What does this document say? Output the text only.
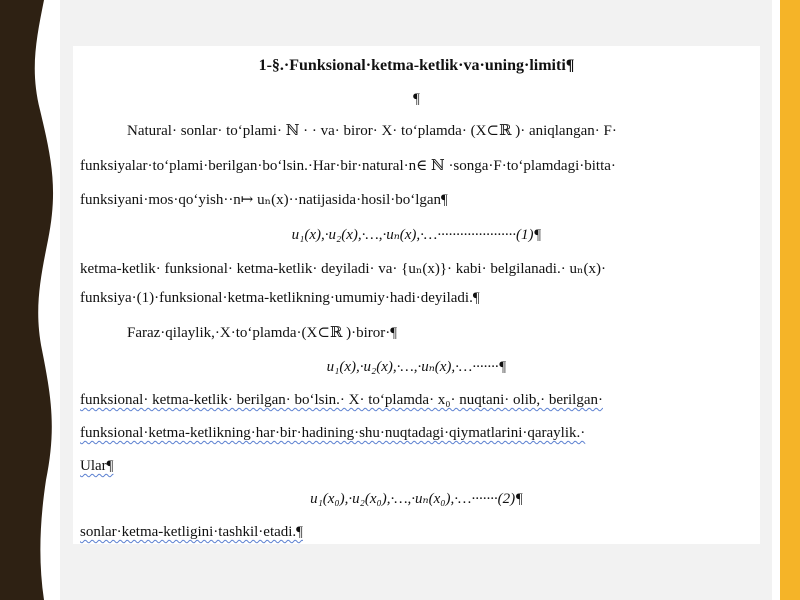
1-§.·Funksional·ketma-ketlik·va·uning·limiti¶
¶
Natural· sonlar· to‘plami· ℕ · · va· biror· X· to‘plamda· (X⊂ℝ )· aniqlangan· F·
funksiyalar·to‘plami·berilgan·bo‘lsin.·Har·bir·natural·n∈ ℕ ·songa·F·to‘plamdagi·bitta·
funksiyani·mos·qo‘yish··n↦ uₙ(x)··natijasida·hosil·bo‘lgan¶
u₁(x),·u₂(x),·…,·uₙ(x),·…·····················(1)¶
ketma-ketlik· funksional· ketma-ketlik· deyiladi· va· {uₙ(x)}· kabi· belgilanadi.· uₙ(x)·
funksiya·(1)·funksional·ketma-ketlikning·umumiy·hadi·deyiladi.¶
Faraz·qilaylik,·X·to‘plamda·(X⊂ℝ )·biror·¶
u₁(x),·u₂(x),·…,·uₙ(x),·…·······¶
funksional· ketma-ketlik· berilgan· bo‘lsin.· X· to‘plamda· x₀· nuqtani· olib,· berilgan·
funksional·ketma-ketlikning·har·bir·hadining·shu·nuqtadagi·qiymatlarini·qaraylik.·
Ular¶
u₁(x₀),·u₂(x₀),·…,·uₙ(x₀),·…·······(2)¶
sonlar·ketma-ketligini·tashkil·etadi.¶
